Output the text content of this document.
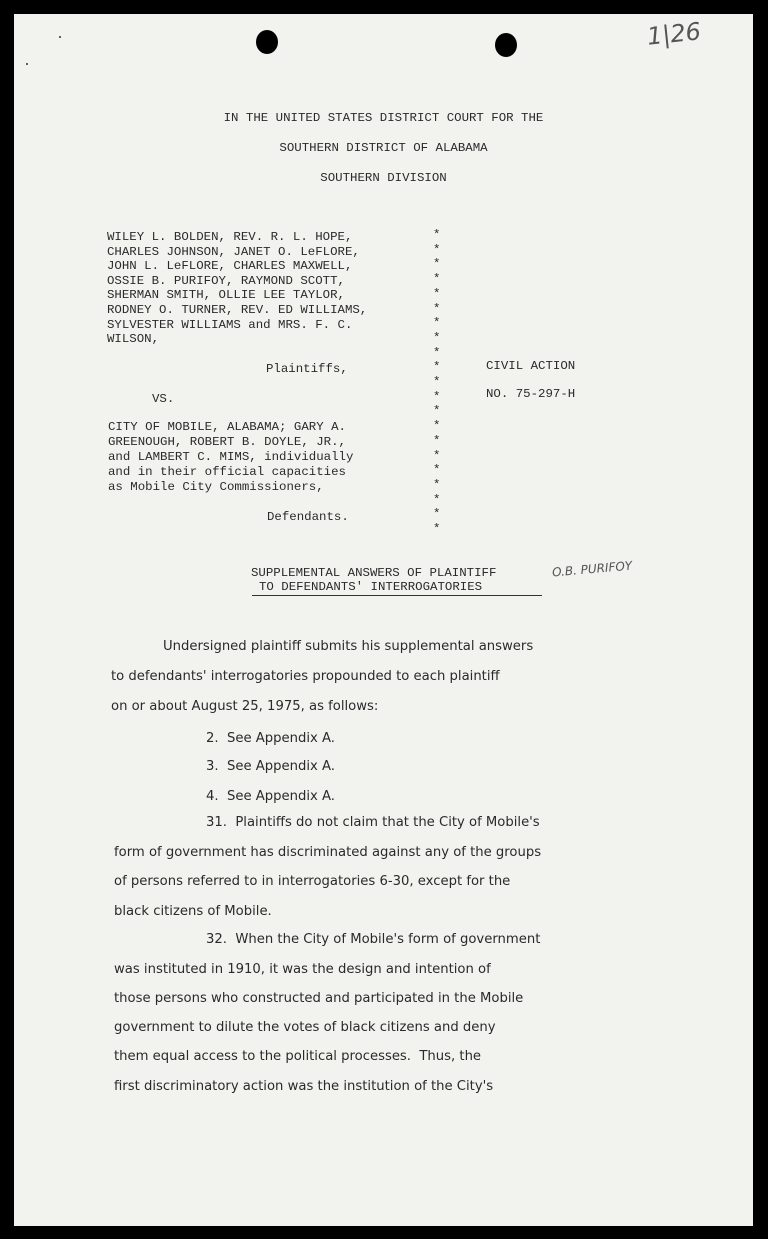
1|26

IN THE UNITED STATES DISTRICT COURT FOR THE

SOUTHERN DISTRICT OF ALABAMA

SOUTHERN DIVISION

WILEY L. BOLDEN, REV. R. L. HOPE,

CHARLES JOHNSON, JANET O. LeFLORE,

JOHN L. LeFLORE, CHARLES MAXWELL,

OSSIE B. PURIFOY, RAYMOND SCOTT,

SHERMAN SMITH, OLLIE LEE TAYLOR,

RODNEY O. TURNER, REV. ED WILLIAMS,

SYLVESTER WILLIAMS and MRS. F. C.

WILSON,

Plaintiffs,

VS.

CITY OF MOBILE, ALABAMA; GARY A.

GREENOUGH, ROBERT B. DOYLE, JR.,

and LAMBERT C. MIMS, individually

and in their official capacities

as Mobile City Commissioners,

Defendants.

*

*

*

*

*

*

*

*

*

*

*

*

*

*

*

*

*

*

*

*

*

CIVIL ACTION

NO. 75-297-H

SUPPLEMENTAL ANSWERS OF PLAINTIFF	O.B. PURIFOY

TO DEFENDANTS' INTERROGATORIES

Undersigned plaintiff submits his supplemental answers

to defendants' interrogatories propounded to each plaintiff

on or about August 25, 1975, as follows:

2.  See Appendix A.

3.  See Appendix A.

4.  See Appendix A.

31.  Plaintiffs do not claim that the City of Mobile's

form of government has discriminated against any of the groups

of persons referred to in interrogatories 6-30, except for the

black citizens of Mobile.

32.  When the City of Mobile's form of government

was instituted in 1910, it was the design and intention of

those persons who constructed and participated in the Mobile

government to dilute the votes of black citizens and deny

them equal access to the political processes.  Thus, the

first discriminatory action was the institution of the City's
